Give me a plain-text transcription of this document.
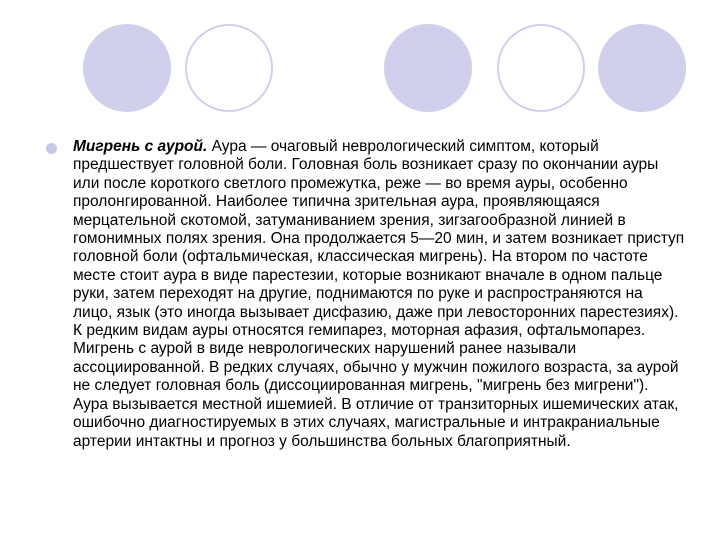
Мигрень с аурой. Аура — очаговый неврологический симптом, который предшествует головной боли. Головная боль возникает сразу по окончании ауры или после короткого светлого промежутка, реже — во время ауры, особенно пролонгированной. Наиболее типична зрительная аура, проявляющаяся мерцательной скотомой, затуманиванием зрения, зигзагообразной линией в гомонимных полях зрения. Она продолжается 5—20 мин, и затем возникает приступ головной боли (офтальмическая, классическая мигрень). На втором по частоте месте стоит аура в виде парестезии, которые возникают вначале в одном пальце руки, затем переходят на другие, поднимаются по руке и распространяются на лицо, язык (это иногда вызывает дисфазию, даже при левосторонних парестезиях). К редким видам ауры относятся гемипарез, моторная афазия, офтальмопарез. Мигрень с аурой в виде неврологических нарушений ранее называли ассоциированной. В редких случаях, обычно у мужчин пожилого возраста, за аурой не следует головная боль (диссоциированная мигрень, "мигрень без мигрени"). Аура вызывается местной ишемией. В отличие от транзиторных ишемических атак, ошибочно диагностируемых в этих случаях, магистральные и интракраниальные артерии интактны и прогноз у большинства больных благоприятный.
